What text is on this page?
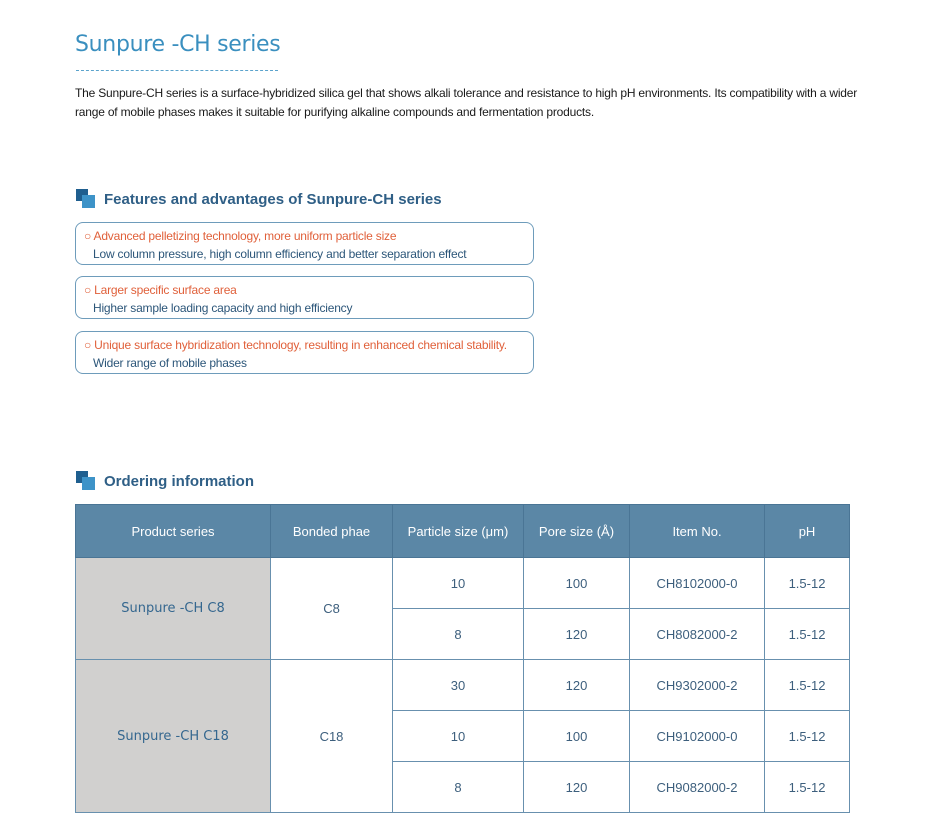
Sunpure -CH series
The Sunpure-CH series is a surface-hybridized silica gel that shows alkali tolerance and resistance to high pH environments. Its compatibility with a wider range of mobile phases makes it suitable for purifying alkaline compounds and fermentation products.
Features and advantages of Sunpure-CH series
○ Advanced pelletizing technology, more uniform particle size
Low column pressure, high column efficiency and better separation effect
○ Larger specific surface area
Higher sample loading capacity and high efficiency
○ Unique surface hybridization technology, resulting in enhanced chemical stability.
Wider range of mobile phases
Ordering information
Product series	Bonded phae	Particle size (μm)	Pore size (Å)	Item No.	pH
Sunpure -CH C8	C8	10	100	CH8102000-0	1.5-12
		8	120	CH8082000-2	1.5-12
Sunpure -CH C18	C18	30	120	CH9302000-2	1.5-12
		10	100	CH9102000-0	1.5-12
		8	120	CH9082000-2	1.5-12
